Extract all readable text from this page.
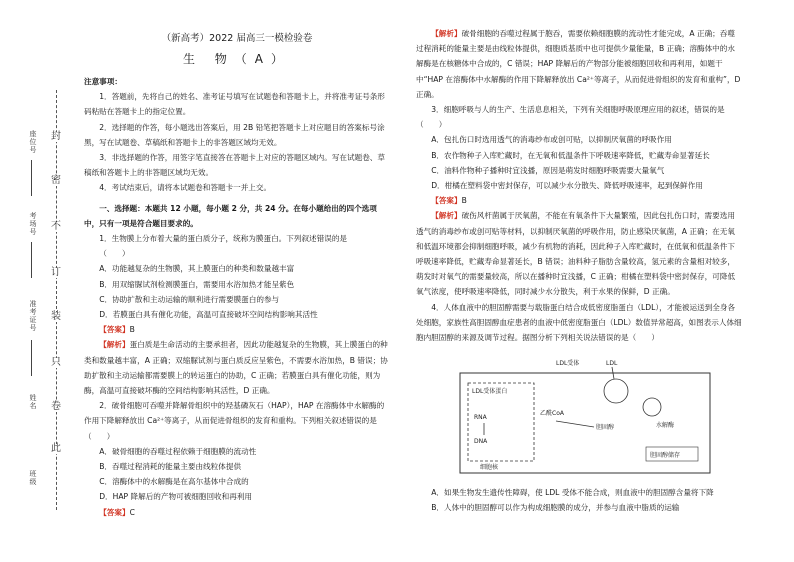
封
密
不
订
装
只
卷
此
座位号
考场号
准考证号
姓名
班级

（新高考）2022 届高三一模检验卷

生 物（A）

注意事项：

1．答题前，先将自己的姓名、准考证号填写在试题卷和答题卡上，并将准考证号条形码粘贴在答题卡上的指定位置。

2．选择题的作答，每小题选出答案后，用 2B 铅笔把答题卡上对应题目的答案标号涂黑，写在试题卷、草稿纸和答题卡上的非答题区域均无效。

3．非选择题的作答，用签字笔直接答在答题卡上对应的答题区域内。写在试题卷、草稿纸和答题卡上的非答题区域均无效。

4．考试结束后，请将本试题卷和答题卡一并上交。

一、选择题：本题共 12 小题，每小题 2 分，共 24 分。在每小题给出的四个选项中，只有一项是符合题目要求的。

1．生物膜上分布着大量的蛋白质分子，统称为膜蛋白。下列叙述错误的是

（　　）

A．功能越复杂的生物膜，其上膜蛋白的种类和数量越丰富

B．用双缩脲试剂检测膜蛋白，需要用水浴加热才能呈紫色

C．协助扩散和主动运输的顺利进行需要膜蛋白的参与

D．若膜蛋白具有催化功能，高温可直接破坏空间结构影响其活性

【答案】B

【解析】蛋白质是生命活动的主要承担者，因此功能越复杂的生物膜，其上膜蛋白的种类和数量越丰富，A 正确；双缩脲试剂与蛋白质反应呈紫色，不需要水浴加热，B 错误；协助扩散和主动运输都需要膜上的转运蛋白的协助，C 正确；若膜蛋白具有催化功能，则为酶，高温可直接破坏酶的空间结构影响其活性，D 正确。

2．破骨细胞可吞噬并降解骨组织中的羟基磷灰石（HAP），HAP 在溶酶体中水解酶的作用下降解释放出 Ca²⁺等离子，从而促进骨组织的发育和重构。下列相关叙述错误的是（　　）

A．破骨细胞的吞噬过程依赖于细胞膜的流动性

B．吞噬过程消耗的能量主要由线粒体提供

C．溶酶体中的水解酶是在高尔基体中合成的

D．HAP 降解后的产物可被细胞回收和再利用

【答案】C

【解析】破骨细胞的吞噬过程属于胞吞，需要依赖细胞膜的流动性才能完成，A 正确；吞噬过程消耗的能量主要是由线粒体提供，细胞质基质中也可提供少量能量，B 正确；溶酶体中的水解酶是在核糖体中合成的，C 错误；HAP 降解后的产物部分能被细胞回收和再利用，如题干中“HAP 在溶酶体中水解酶的作用下降解释放出 Ca²⁺等离子，从而促进骨组织的发育和重构”，D 正确。

3．细胞呼吸与人的生产、生活息息相关，下列有关细胞呼吸原理应用的叙述，错误的是（　　）

A．包扎伤口时选用透气的消毒纱布或创可贴，以抑制厌氧菌的呼吸作用

B．农作物种子入库贮藏时，在无氧和低温条件下呼吸速率降低，贮藏寿命显著延长

C．油料作物种子播种时宜浅播，原因是萌发时细胞呼吸需要大量氧气

D．柑橘在塑料袋中密封保存，可以减少水分散失、降低呼吸速率，起到保鲜作用

【答案】B

【解析】破伤风杆菌属于厌氧菌，不能在有氧条件下大量繁殖，因此包扎伤口时，需要选用透气的消毒纱布或创可贴等材料，以抑制厌氧菌的呼吸作用，防止感染厌氧菌，A 正确；在无氧和低温环境都会抑制细胞呼吸，减少有机物的消耗，因此种子入库贮藏时，在低氧和低温条件下呼吸速率降低，贮藏寿命显著延长，B 错误；油料种子脂肪含量较高，氢元素的含量相对较多，萌发时对氧气的需要量较高，所以在播种时宜浅播，C 正确；柑橘在塑料袋中密封保存，可降低氧气浓度，使呼吸速率降低，同时减少水分散失，利于水果的保鲜，D 正确。

4．人体血液中的胆固醇需要与载脂蛋白结合成低密度脂蛋白（LDL），才能被运送到全身各处细胞，家族性高胆固醇血症患者的血液中低密度脂蛋白（LDL）数值异常超高，如图表示人体细胞内胆固醇的来源及调节过程。据图分析下列相关说法错误的是（　　）

LDL受体蛋白
RNA
DNA
乙酰CoA
胆固醇	水解酶
LDL受体	LDL
细胞核
胆固醇储存

A．如果生物发生遗传性障碍，使 LDL 受体不能合成，则血液中的胆固醇含量将下降

B．人体中的胆固醇可以作为构成细胞膜的成分，并参与血液中脂质的运输
